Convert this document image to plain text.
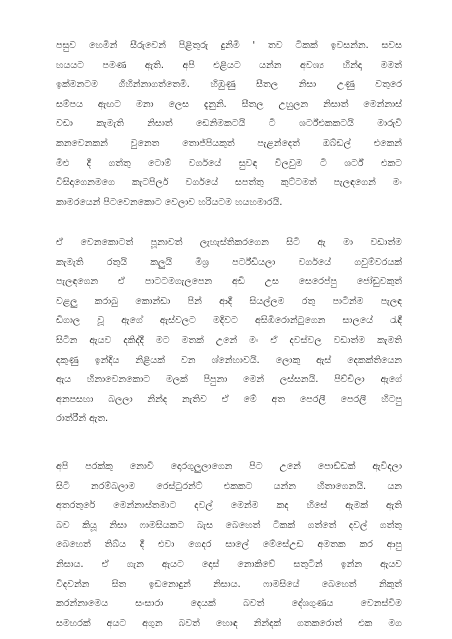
පසුව හෙමින් සීරුවෙන් පිළිතුරු දුනිමි ' තව ටිකක් ඉවසන්න. සවස
හයයට පමණ ඇති. අපි එළියට යන්න අවශ්‍ය හින්දා මමත්
ඉක්මනටම ගිහින්නාගත්තෙමි. හිඹුණු සීතල නිසා උණු වතුරෙ
සම්පය ඇඟට මනා ලෙස දැනුනි. සීතල උහුලන නිසාත් මෙන්නාස්
වඩා කැමැති නිසාත් ඩෙනිමකටයි ටී ශර්ට්එකකටයි මාරුවී
කනවෙනකන් වුනෙත තොජ්පියකුත් පැළන්දෙත් ඔබ්ඩල් එකෙන්
මිළු දී ගත්තු ටොම් වර්ගයේ සුවඳ විලවුම ටී ශර්ට් එකට
විසිදාගෙනමගෙ කැටපිලර් වර්ගයේ සපත්තු කුට්ටමත් පැලඳගෙන් මං
කාමරයෙන් පිටවෙනකොට වෙලාව හරියටම හයහමාරයි.
ඒ වෙනකොටත් පූනාවත් ලැහැස්තිකරගෙන සිටි ඇ මා වඩාත්ම
කැමැති රතුයි කලුයි මිශ්‍ර පර්ට්ඩියලා වර්ගයේ ගවුම්වරයක්
පැලඳගෙන ඒ පාටටමගැලපෙන අඩි උස සෙරෙප්පු ජෝඩුවකුත්
වළලු කරාබු කොන්ඩා පින් ආදී සියල්ලම රතු පාටින්ම පැලඳ
ඩිගාල වූ ඇගේ ඇස්වලට මදිවට අසිඹිරොන්ටුගෙන සාලයේ රැඳී
සිටින ඇයව දකිද්දී මට මතක් උනේ මං ඒ දවස්වල වඩාත්ම කැමති
දකුණු ඉන්දිය නිළියක් වන ශ්නේහාවයි. ලොකු ඇස් දෙකක්තියෙන
ඇය හිනාවෙනකොට මලක් පිපුනා මෙන් ලස්සනයි. පිච්චිලා ඇගේ
අනපසහා බලලා නින්ද නැතිව ඒ මේ අත පෙරලී පෙරලී හිටපු
රාත්රීන් ඇත.
අපි පරක්කු නොවී දොරගුලුලාගෙන පිට උනේ පොඩ්ඩක් ඇවිදලා
සිටි නරම්බලාම රෙස්ටුරන්ට් එකකට යන්න හිතාගෙනයි. යන
අතරතුරේ මෙන්නාස්තමාට දවල් මෙන්ම කද හිසේ ඇමක් ඇති
බව කියූ නිසා ෆාමසියකට බැස බෙහෙත් ටිකක් ගත්තේ දවල් ගත්තු
බෙහෙත් තිබ්ය දී එවා ගෙදර සාලේ මේසේඋඩ අමතක කර ආපු
නිසාය. ඒ ගැන ඇයට දොස් නොකිවේ සතුටින් ඉන්න ඇයව
විදවන්න සිත ඉඩනොදුන් නිසාය. ෆාමසියේ බෙහෙත් නිකුත්
කරන්නාමෙය සංසාරා දෙයක් බවත් දේශගුණය වෙනස්වීම
සමහරක් අයට අගුන බවත් හොඳ නින්දක් ගතකරොත් එක මග
